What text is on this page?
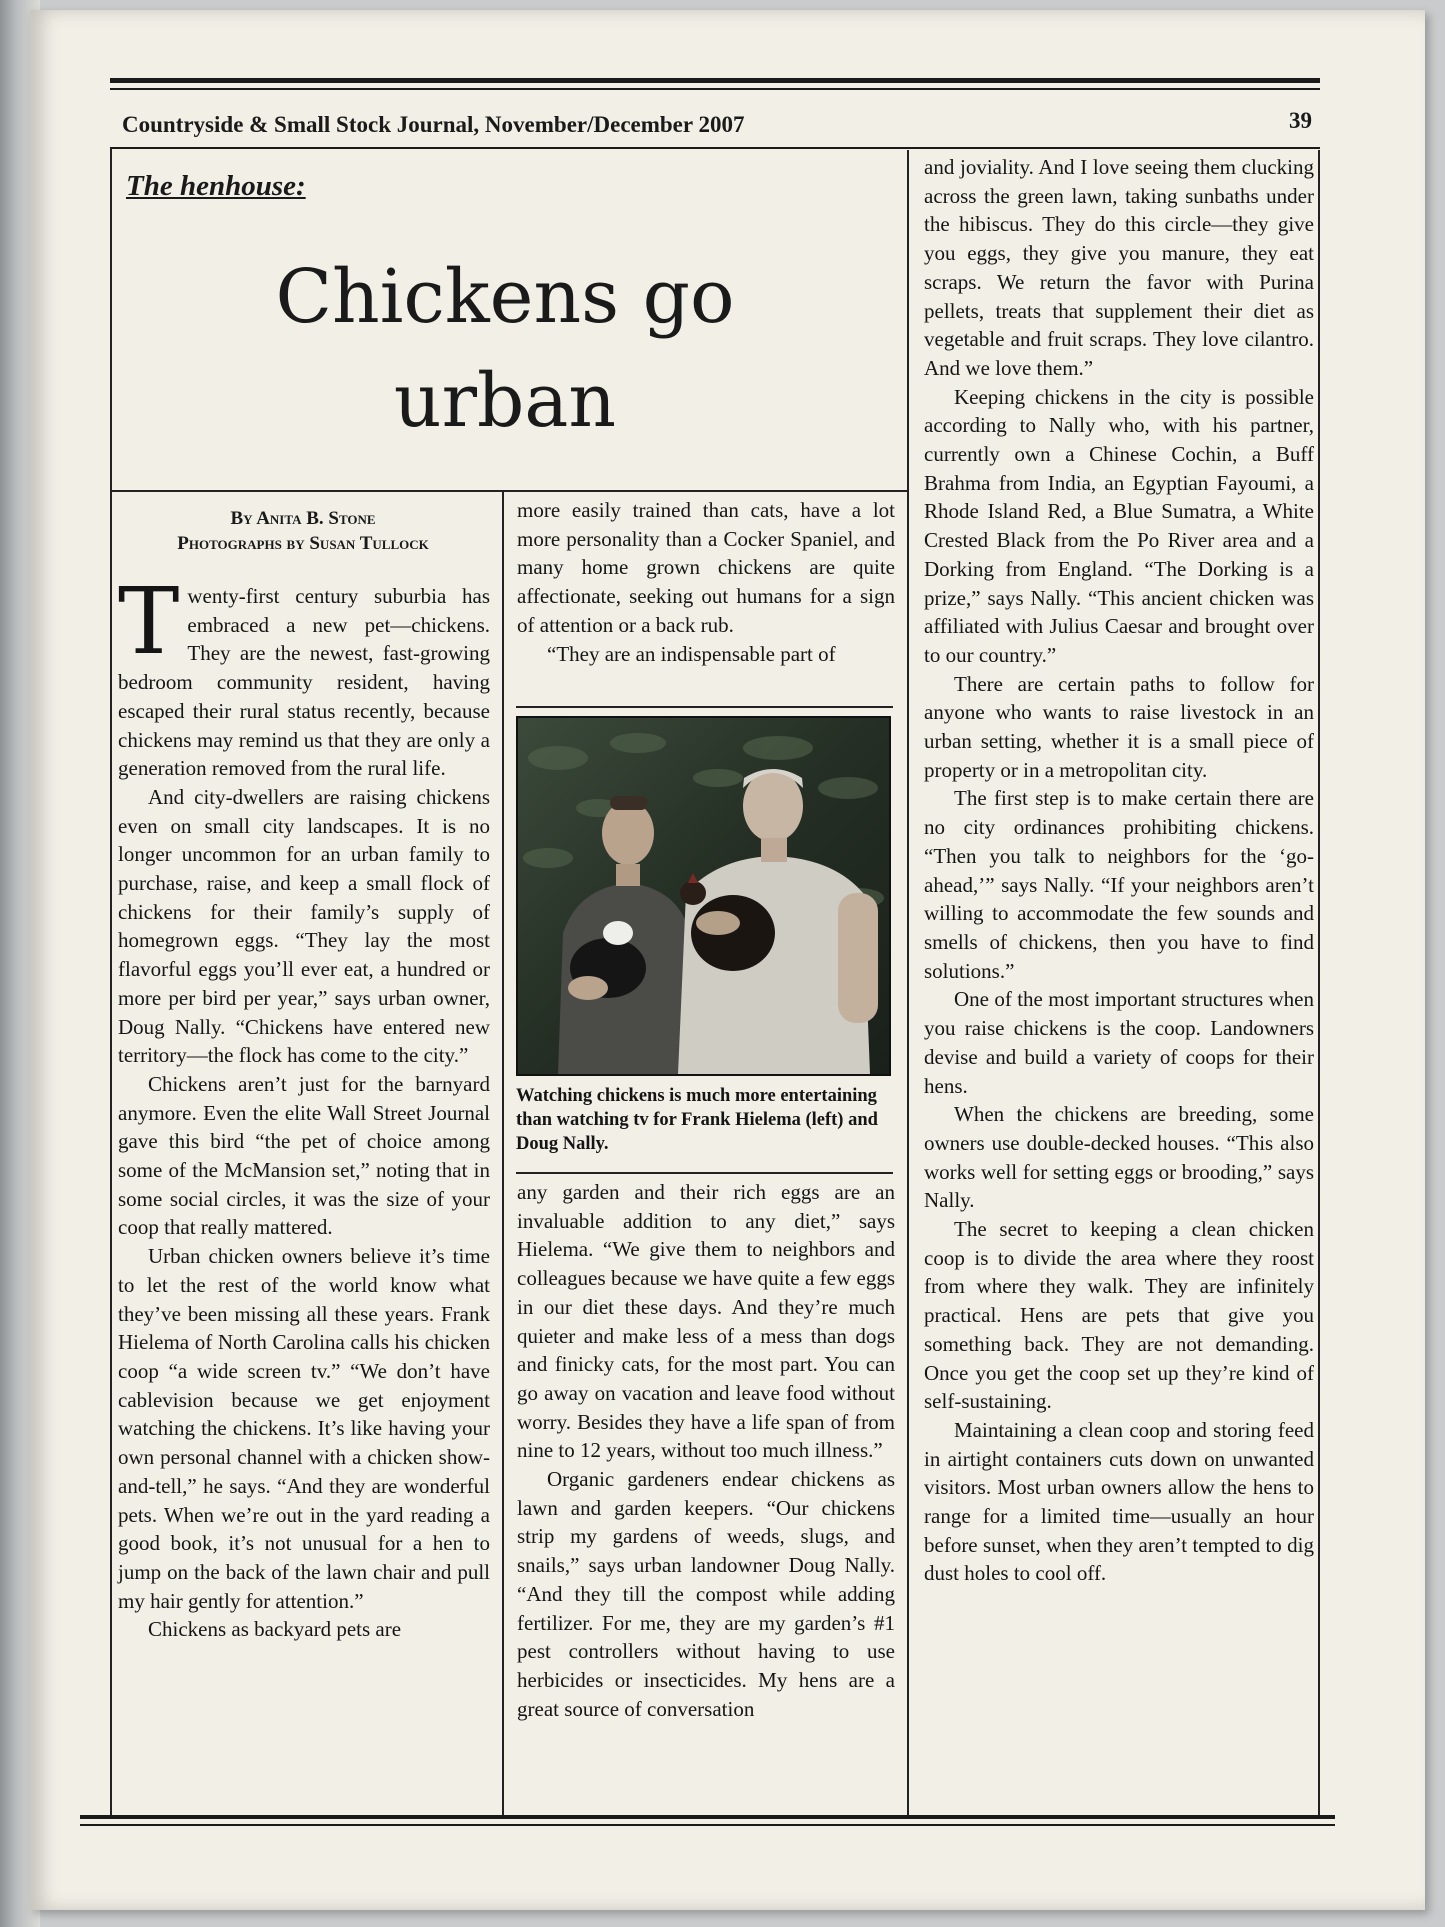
Countryside & Small Stock Journal, November/December 2007	39
The henhouse:
Chickens go
urban
By Anita B. Stone
Photographs by Susan Tullock

Twenty-first century suburbia has embraced a new pet—chickens. They are the newest, fast-growing bedroom community resident, having escaped their rural status recently, because chickens may remind us that they are only a generation removed from the rural life.

And city-dwellers are raising chickens even on small city landscapes. It is no longer uncommon for an urban family to purchase, raise, and keep a small flock of chickens for their family’s supply of homegrown eggs. “They lay the most flavorful eggs you’ll ever eat, a hundred or more per bird per year,” says urban owner, Doug Nally. “Chickens have entered new territory—the flock has come to the city.”

Chickens aren’t just for the barnyard anymore. Even the elite Wall Street Journal gave this bird “the pet of choice among some of the McMansion set,” noting that in some social circles, it was the size of your coop that really mattered.

Urban chicken owners believe it’s time to let the rest of the world know what they’ve been missing all these years. Frank Hielema of North Carolina calls his chicken coop “a wide screen tv.” “We don’t have cablevision because we get enjoyment watching the chickens. It’s like having your own personal channel with a chicken show-and-tell,” he says. “And they are wonderful pets. When we’re out in the yard reading a good book, it’s not unusual for a hen to jump on the back of the lawn chair and pull my hair gently for attention.”

Chickens as backyard pets are

more easily trained than cats, have a lot more personality than a Cocker Spaniel, and many home grown chickens are quite affectionate, seeking out humans for a sign of attention or a back rub.

“They are an indispensable part of

Watching chickens is much more entertaining than watching tv for Frank Hielema (left) and Doug Nally.

any garden and their rich eggs are an invaluable addition to any diet,” says Hielema. “We give them to neighbors and colleagues because we have quite a few eggs in our diet these days. And they’re much quieter and make less of a mess than dogs and finicky cats, for the most part. You can go away on vacation and leave food without worry. Besides they have a life span of from nine to 12 years, without too much illness.”

Organic gardeners endear chickens as lawn and garden keepers. “Our chickens strip my gardens of weeds, slugs, and snails,” says urban landowner Doug Nally. “And they till the compost while adding fertilizer. For me, they are my garden’s #1 pest controllers without having to use herbicides or insecticides. My hens are a great source of conversation

and joviality. And I love seeing them clucking across the green lawn, taking sunbaths under the hibiscus. They do this circle—they give you eggs, they give you manure, they eat scraps. We return the favor with Purina pellets, treats that supplement their diet as vegetable and fruit scraps. They love cilantro. And we love them.”

Keeping chickens in the city is possible according to Nally who, with his partner, currently own a Chinese Cochin, a Buff Brahma from India, an Egyptian Fayoumi, a Rhode Island Red, a Blue Sumatra, a White Crested Black from the Po River area and a Dorking from England. “The Dorking is a prize,” says Nally. “This ancient chicken was affiliated with Julius Caesar and brought over to our country.”

There are certain paths to follow for anyone who wants to raise livestock in an urban setting, whether it is a small piece of property or in a metropolitan city.

The first step is to make certain there are no city ordinances prohibiting chickens. “Then you talk to neighbors for the ‘go-ahead,’” says Nally. “If your neighbors aren’t willing to accommodate the few sounds and smells of chickens, then you have to find solutions.”

One of the most important structures when you raise chickens is the coop. Landowners devise and build a variety of coops for their hens.

When the chickens are breeding, some owners use double-decked houses. “This also works well for setting eggs or brooding,” says Nally.

The secret to keeping a clean chicken coop is to divide the area where they roost from where they walk. They are infinitely practical. Hens are pets that give you something back. They are not demanding. Once you get the coop set up they’re kind of self-sustaining.

Maintaining a clean coop and storing feed in airtight containers cuts down on unwanted visitors. Most urban owners allow the hens to range for a limited time—usually an hour before sunset, when they aren’t tempted to dig dust holes to cool off.
